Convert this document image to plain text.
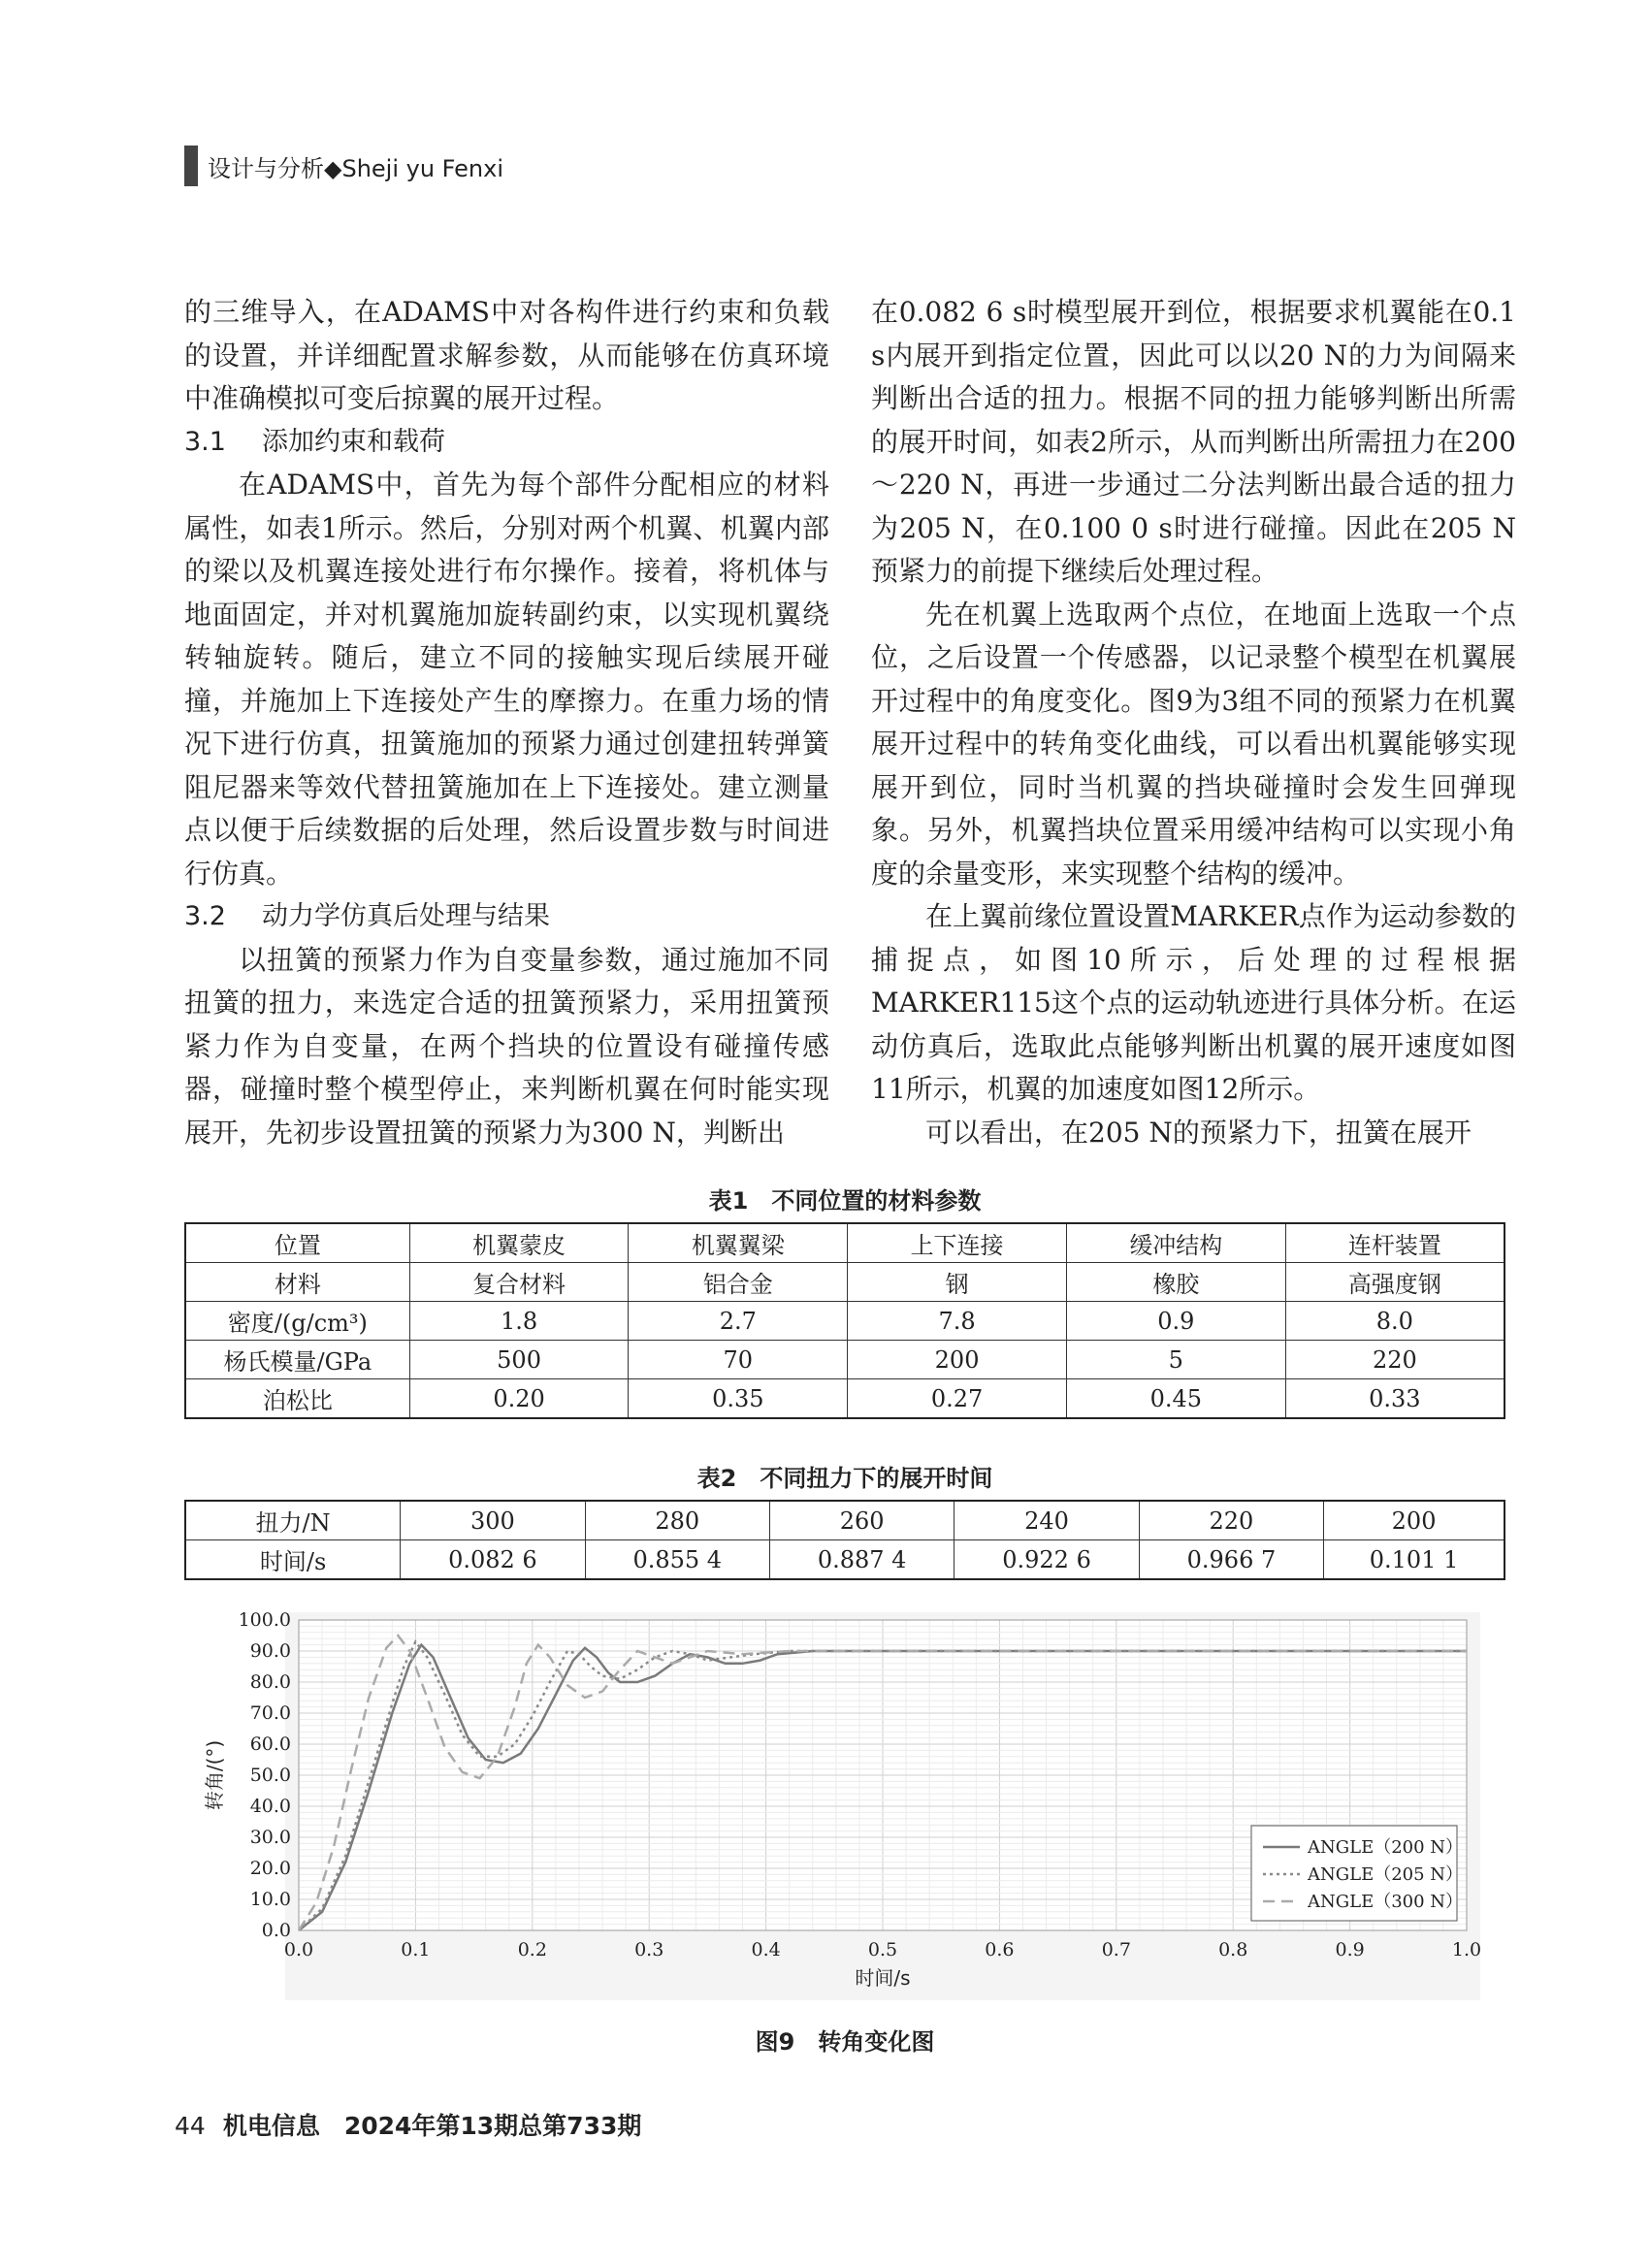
设计与分析◆Sheji yu Fenxi

的三维导入，在ADAMS中对各构件进行约束和负载的设置，并详细配置求解参数，从而能够在仿真环境中准确模拟可变后掠翼的展开过程。

3.1 添加约束和载荷

在ADAMS中，首先为每个部件分配相应的材料属性，如表1所示。然后，分别对两个机翼、机翼内部的梁以及机翼连接处进行布尔操作。接着，将机体与地面固定，并对机翼施加旋转副约束，以实现机翼绕转轴旋转。随后，建立不同的接触实现后续展开碰撞，并施加上下连接处产生的摩擦力。在重力场的情况下进行仿真，扭簧施加的预紧力通过创建扭转弹簧阻尼器来等效代替扭簧施加在上下连接处。建立测量点以便于后续数据的后处理，然后设置步数与时间进行仿真。

3.2 动力学仿真后处理与结果

以扭簧的预紧力作为自变量参数，通过施加不同扭簧的扭力，来选定合适的扭簧预紧力，采用扭簧预紧力作为自变量，在两个挡块的位置设有碰撞传感器，碰撞时整个模型停止，来判断机翼在何时能实现展开，先初步设置扭簧的预紧力为300 N，判断出

在0.082 6 s时模型展开到位，根据要求机翼能在0.1 s内展开到指定位置，因此可以以20 N的力为间隔来判断出合适的扭力。根据不同的扭力能够判断出所需的展开时间，如表2所示，从而判断出所需扭力在200～220 N，再进一步通过二分法判断出最合适的扭力为205 N，在0.100 0 s时进行碰撞。因此在205 N预紧力的前提下继续后处理过程。

先在机翼上选取两个点位，在地面上选取一个点位，之后设置一个传感器，以记录整个模型在机翼展开过程中的角度变化。图9为3组不同的预紧力在机翼展开过程中的转角变化曲线，可以看出机翼能够实现展开到位，同时当机翼的挡块碰撞时会发生回弹现象。另外，机翼挡块位置采用缓冲结构可以实现小角度的余量变形，来实现整个结构的缓冲。

在上翼前缘位置设置MARKER点作为运动参数的捕捉点，如图10所示，后处理的过程根据MARKER115这个点的运动轨迹进行具体分析。在运动仿真后，选取此点能够判断出机翼的展开速度如图11所示，机翼的加速度如图12所示。

可以看出，在205 N的预紧力下，扭簧在展开

表1　不同位置的材料参数
位置	机翼蒙皮	机翼翼梁	上下连接	缓冲结构	连杆装置
材料	复合材料	铝合金	钢	橡胶	高强度钢
密度/(g/cm³)	1.8	2.7	7.8	0.9	8.0
杨氏模量/GPa	500	70	200	5	220
泊松比	0.20	0.35	0.27	0.45	0.33
表2　不同扭力下的展开时间
扭力/N	300	280	260	240	220	200
时间/s	0.082 6	0.855 4	0.887 4	0.922 6	0.966 7	0.101 1
0.0	0.1	0.2	0.3	0.4	0.5	0.6	0.7	0.8	0.9	1.0
0.0
10.0
20.0
30.0
40.0
50.0
60.0
70.0
80.0
90.0
100.0
时间/s
转角/(°)
ANGLE（200 N）
ANGLE（205 N）
ANGLE（300 N）
图9　转角变化图
44 机电信息　2024年第13期总第733期
